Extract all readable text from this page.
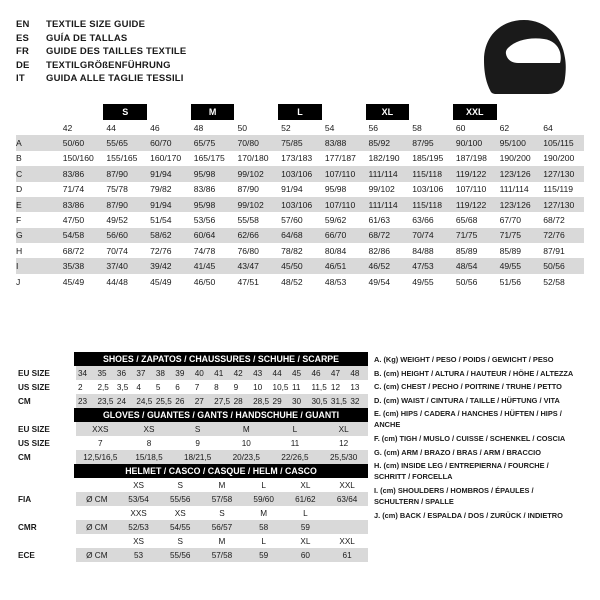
EN	TEXTILE SIZE GUIDE
ES	GUÍA DE TALLAS
FR	GUIDE DES TAILLES TEXTILE
DE	TEXTILGRÖßENFÜHRUNG
IT	GUIDA ALLE TAGLIE TESSILI
		S		M		L		XL		XXL		
	42	44	46	48	50	52	54	56	58	60	62	64
A	50/60	55/65	60/70	65/75	70/80	75/85	83/88	85/92	87/95	90/100	95/100	105/115
B	150/160	155/165	160/170	165/175	170/180	173/183	177/187	182/190	185/195	187/198	190/200	190/200
C	83/86	87/90	91/94	95/98	99/102	103/106	107/110	111/114	115/118	119/122	123/126	127/130
D	71/74	75/78	79/82	83/86	87/90	91/94	95/98	99/102	103/106	107/110	111/114	115/119
E	83/86	87/90	91/94	95/98	99/102	103/106	107/110	111/114	115/118	119/122	123/126	127/130
F	47/50	49/52	51/54	53/56	55/58	57/60	59/62	61/63	63/66	65/68	67/70	68/72
G	54/58	56/60	58/62	60/64	62/66	64/68	66/70	68/72	70/74	71/75	71/75	72/76
H	68/72	70/74	72/76	74/78	76/80	78/82	80/84	82/86	84/88	85/89	85/89	87/91
I	35/38	37/40	39/42	41/45	43/47	45/50	46/51	46/52	47/53	48/54	49/55	50/56
J	45/49	44/48	45/49	46/50	47/51	48/52	48/53	49/54	49/55	50/56	51/56	52/58
SHOES / ZAPATOS / CHAUSSURES / SCHUHE / SCARPE
EU SIZE	34	35	36	37	38	39	40	41	42	43	44	45	46	47	48
US SIZE	2	2,5	3,5	4	5	6	7	8	9	10	10,5	11	11,5	12	13
CM	23	23,5	24	24,5	25,5	26	27	27,5	28	28,5	29	30	30,5	31,5	32
GLOVES / GUANTES / GANTS / HANDSCHUHE / GUANTI
EU SIZE	XXS	XS	S	M	L	XL
US SIZE	7	8	9	10	11	12
CM	12,5/16,5	15/18,5	18/21,5	20/23,5	22/26,5	25,5/30
HELMET / CASCO / CASQUE / HELM / CASCO
		XS	S	M	L	XL	XXL
FIA	Ø CM	53/54	55/56	57/58	59/60	61/62	63/64
		XXS	XS	S	M	L	
CMR	Ø CM	52/53	54/55	56/57	58	59	
		XS	S	M	L	XL	XXL
ECE	Ø CM	53	55/56	57/58	59	60	61
A. (Kg) WEIGHT / PESO / POIDS / GEWICHT / PESO
B. (cm) HEIGHT / ALTURA / HAUTEUR / HÖHE / ALTEZZA
C. (cm) CHEST / PECHO / POITRINE / TRUHE / PETTO
D. (cm) WAIST / CINTURA / TAILLE / HÜFTUNG / VITA
E. (cm) HIPS / CADERA / HANCHES / HÜFTEN / HIPS / ANCHE
F. (cm) TIGH / MUSLO / CUISSE / SCHENKEL / COSCIA
G. (cm) ARM / BRAZO / BRAS / ARM / BRACCIO
H. (cm) INSIDE LEG / ENTREPIERNA / FOURCHE / SCHRITT / FORCELLA
I. (cm) SHOULDERS / HOMBROS / ÉPAULES / SCHULTERN / SPALLE
J. (cm) BACK / ESPALDA / DOS / ZURÜCK / INDIETRO
